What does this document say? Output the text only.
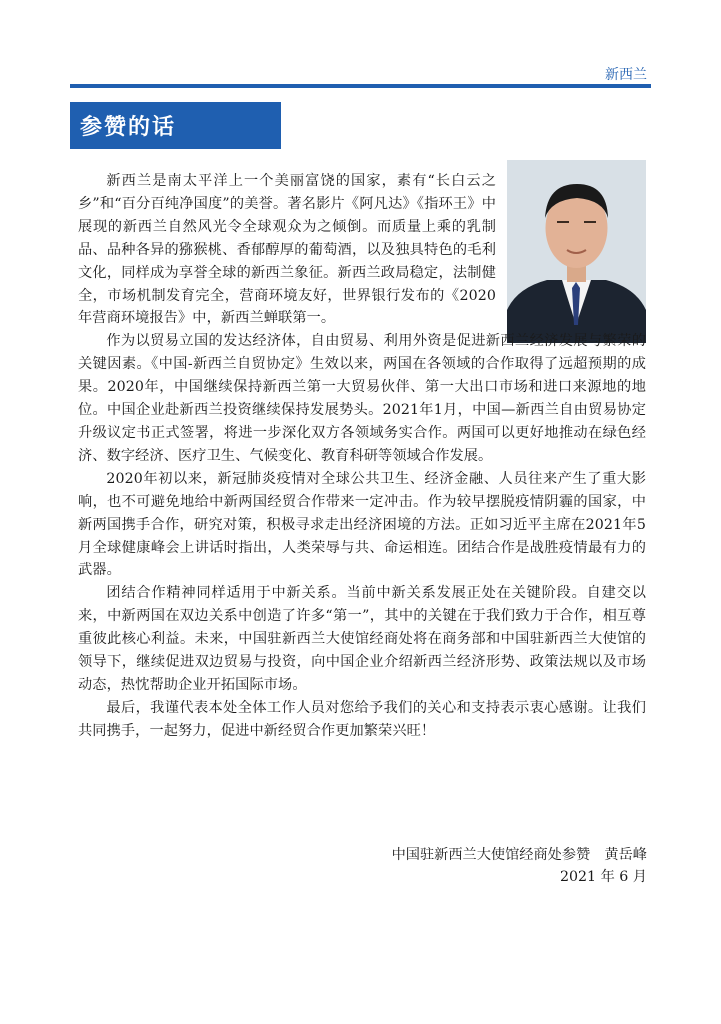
新西兰
参赞的话

新西兰是南太平洋上一个美丽富饶的国家，素有“长白云之乡”和“百分百纯净国度”的美誉。著名影片《阿凡达》《指环王》中展现的新西兰自然风光令全球观众为之倾倒。而质量上乘的乳制品、品种各异的猕猴桃、香郁醇厚的葡萄酒，以及独具特色的毛利文化，同样成为享誉全球的新西兰象征。新西兰政局稳定，法制健全，市场机制发育完全，营商环境友好，世界银行发布的《2020年营商环境报告》中，新西兰蝉联第一。

作为以贸易立国的发达经济体，自由贸易、利用外资是促进新西兰经济发展与繁荣的关键因素。《中国-新西兰自贸协定》生效以来，两国在各领域的合作取得了远超预期的成果。2020年，中国继续保持新西兰第一大贸易伙伴、第一大出口市场和进口来源地的地位。中国企业赴新西兰投资继续保持发展势头。2021年1月，中国—新西兰自由贸易协定升级议定书正式签署，将进一步深化双方各领域务实合作。两国可以更好地推动在绿色经济、数字经济、医疗卫生、气候变化、教育科研等领域合作发展。

2020年初以来，新冠肺炎疫情对全球公共卫生、经济金融、人员往来产生了重大影响，也不可避免地给中新两国经贸合作带来一定冲击。作为较早摆脱疫情阴霾的国家，中新两国携手合作，研究对策，积极寻求走出经济困境的方法。正如习近平主席在2021年5月全球健康峰会上讲话时指出，人类荣辱与共、命运相连。团结合作是战胜疫情最有力的武器。

团结合作精神同样适用于中新关系。当前中新关系发展正处在关键阶段。自建交以来，中新两国在双边关系中创造了许多“第一”，其中的关键在于我们致力于合作，相互尊重彼此核心利益。未来，中国驻新西兰大使馆经商处将在商务部和中国驻新西兰大使馆的领导下，继续促进双边贸易与投资，向中国企业介绍新西兰经济形势、政策法规以及市场动态，热忱帮助企业开拓国际市场。

最后，我谨代表本处全体工作人员对您给予我们的关心和支持表示衷心感谢。让我们共同携手，一起努力，促进中新经贸合作更加繁荣兴旺！

中国驻新西兰大使馆经商处参赞　黄岳峰
2021 年 6 月
